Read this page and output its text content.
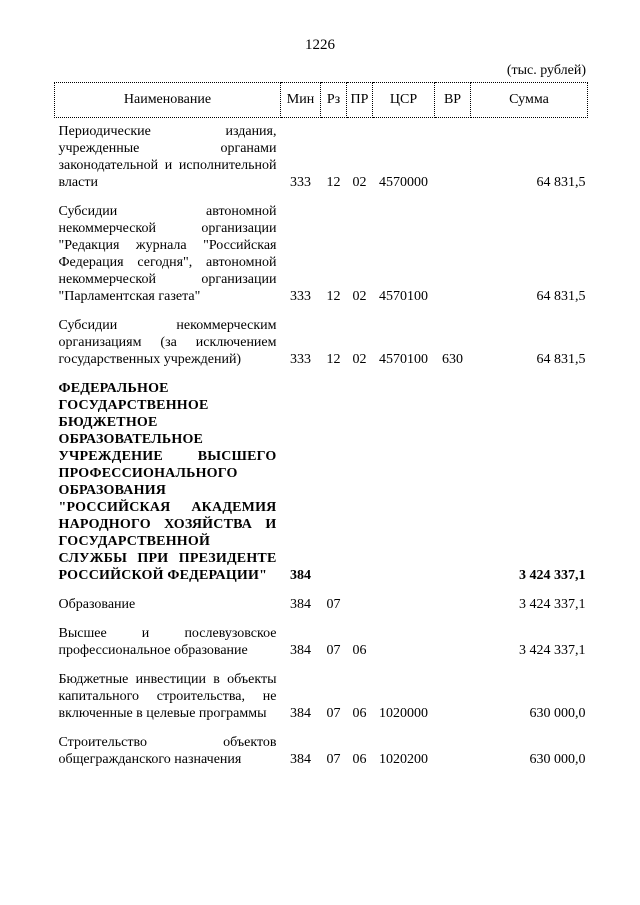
1226
(тыс. рублей)
Наименование	Мин	Рз	ПР	ЦСР	ВР	Сумма
Периодические издания, учрежденные органами законодательной и исполнительной власти	333	12	02	4570000		64 831,5
Субсидии автономной некоммерческой организации "Редакция журнала "Российская Федерация сегодня", автономной некоммерческой организации "Парламентская газета"	333	12	02	4570100		64 831,5
Субсидии некоммерческим организациям (за исключением государственных учреждений)	333	12	02	4570100	630	64 831,5
ФЕДЕРАЛЬНОЕ ГОСУДАРСТВЕННОЕ БЮДЖЕТНОЕ ОБРАЗОВАТЕЛЬНОЕ УЧРЕЖДЕНИЕ ВЫСШЕГО ПРОФЕССИОНАЛЬНОГО ОБРАЗОВАНИЯ "РОССИЙСКАЯ АКАДЕМИЯ НАРОДНОГО ХОЗЯЙСТВА И ГОСУДАРСТВЕННОЙ СЛУЖБЫ ПРИ ПРЕЗИДЕНТЕ РОССИЙСКОЙ ФЕДЕРАЦИИ"	384					3 424 337,1
Образование	384	07				3 424 337,1
Высшее и послевузовское профессиональное образование	384	07	06			3 424 337,1
Бюджетные инвестиции в объекты капитального строительства, не включенные в целевые программы	384	07	06	1020000		630 000,0
Строительство объектов общегражданского назначения	384	07	06	1020200		630 000,0
